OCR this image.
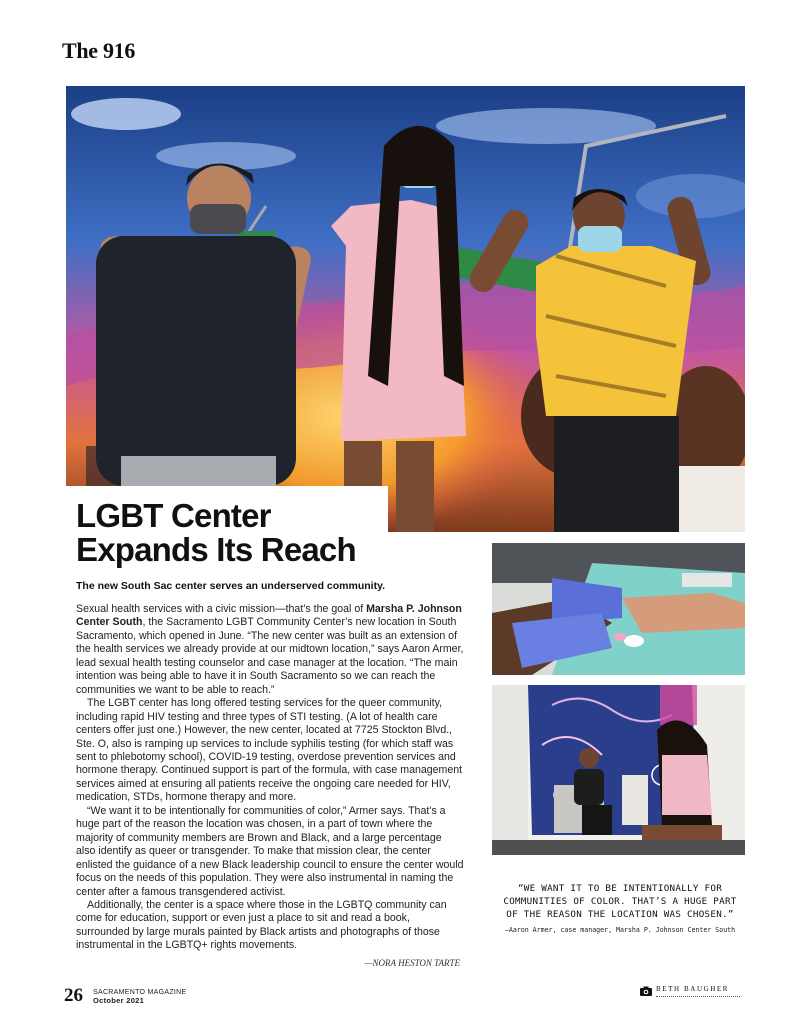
The 916
LGBT Center
Expands Its Reach
The new South Sac center serves an underserved community.

Sexual health services with a civic mission—that’s the goal of Marsha P. Johnson Center South, the Sacramento LGBT Community Center’s new location in South Sacramento, which opened in June. “The new center was built as an extension of the health services we already provide at our midtown location,” says Aaron Armer, lead sexual health testing counselor and case manager at the location. “The main intention was being able to have it in South Sacramento so we can reach the communities we want to be able to reach.”

The LGBT center has long offered testing services for the queer community, including rapid HIV testing and three types of STI testing. (A lot of health care centers offer just one.) However, the new center, located at 7725 Stockton Blvd., Ste. O, also is ramping up services to include syphilis testing (for which staff was sent to phlebotomy school), COVID-19 testing, overdose prevention services and hormone therapy. Continued support is part of the formula, with case management services aimed at ensuring all patients receive the ongoing care needed for HIV, medication, STDs, hormone therapy and more.

“We want it to be intentionally for communities of color,” Armer says. That’s a huge part of the reason the location was chosen, in a part of town where the majority of community members are Brown and Black, and a large percentage also identify as queer or transgender. To make that mission clear, the center enlisted the guidance of a new Black leadership council to ensure the center would focus on the needs of this population. They were also instrumental in naming the center after a famous transgendered activist.

Additionally, the center is a space where those in the LGBTQ community can come for education, support or even just a place to sit and read a book, surrounded by large murals painted by Black artists and photographs of those instrumental in the LGBTQ+ rights movements.

—NORA HESTON TARTE
“WE WANT IT TO BE INTENTIONALLY FOR COMMUNITIES OF COLOR. THAT’S A HUGE PART OF THE REASON THE LOCATION WAS CHOSEN.”
–Aaron Armer, case manager, Marsha P. Johnson Center South
26 SACRAMENTO MAGAZINE
October 2021
BETH BAUGHER
